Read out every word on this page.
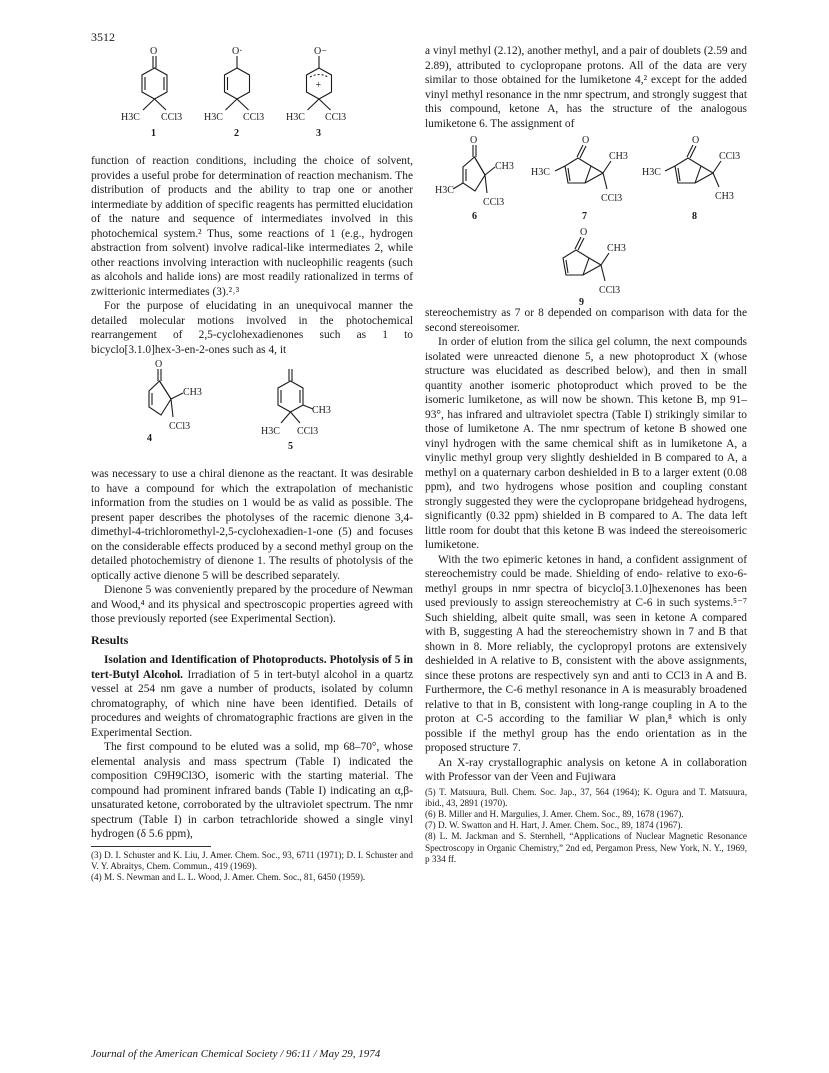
3512
O
H3C CCl3
1
O·
H3C CCl3
2
+
O−
H3C CCl3
3

function of reaction conditions, including the choice of solvent, provides a useful probe for determination of reaction mechanism. The distribution of products and the ability to trap one or another intermediate by addition of specific reagents has permitted elucidation of the nature and sequence of intermediates involved in this photochemical system.² Thus, some reactions of 1 (e.g., hydrogen abstraction from solvent) involve radical-like intermediates 2, while other reactions involving interaction with nucleophilic reagents (such as alcohols and halide ions) are most readily rationalized in terms of zwitterionic intermediates (3).²˒³

For the purpose of elucidating in an unequivocal manner the detailed molecular motions involved in the photochemical rearrangement of 2,5-cyclohexadienones such as 1 to bicyclo[3.1.0]hex-3-en-2-ones such as 4, it

O
CH3
CCl3
4
CH3
H3C CCl3
5

was necessary to use a chiral dienone as the reactant. It was desirable to have a compound for which the extrapolation of mechanistic information from the studies on 1 would be as valid as possible. The present paper describes the photolyses of the racemic dienone 3,4-dimethyl-4-trichloromethyl-2,5-cyclohexadien-1-one (5) and focuses on the considerable effects produced by a second methyl group on the detailed photochemistry of dienone 1. The results of photolysis of the optically active dienone 5 will be described separately.

Dienone 5 was conveniently prepared by the procedure of Newman and Wood,⁴ and its physical and spectroscopic properties agreed with those previously reported (see Experimental Section).

Results

Isolation and Identification of Photoproducts. Photolysis of 5 in tert-Butyl Alcohol. Irradiation of 5 in tert-butyl alcohol in a quartz vessel at 254 nm gave a number of products, isolated by column chromatography, of which nine have been identified. Details of procedures and weights of chromatographic fractions are given in the Experimental Section.

The first compound to be eluted was a solid, mp 68–70°, whose elemental analysis and mass spectrum (Table I) indicated the composition C9H9Cl3O, isomeric with the starting material. The compound had prominent infrared bands (Table I) indicating an α,β-unsaturated ketone, corroborated by the ultraviolet spectrum. The nmr spectrum (Table I) in carbon tetrachloride showed a single vinyl hydrogen (δ 5.6 ppm),

(3) D. I. Schuster and K. Liu, J. Amer. Chem. Soc., 93, 6711 (1971); D. I. Schuster and V. Y. Abraitys, Chem. Commun., 419 (1969).
(4) M. S. Newman and L. L. Wood, J. Amer. Chem. Soc., 81, 6450 (1959).

a vinyl methyl (2.12), another methyl, and a pair of doublets (2.59 and 2.89), attributed to cyclopropane protons. All of the data are very similar to those obtained for the lumiketone 4,² except for the added vinyl methyl resonance in the nmr spectrum, and strongly suggest that this compound, ketone A, has the structure of the analogous lumiketone 6. The assignment of

O
CH3
H3C
CCl3
6
O
CH3
H3C
CCl3
7
O
CCl3
H3C
CH3
8
O
CH3
CCl3
9

stereochemistry as 7 or 8 depended on comparison with data for the second stereoisomer.

In order of elution from the silica gel column, the next compounds isolated were unreacted dienone 5, a new photoproduct X (whose structure was elucidated as described below), and then in small quantity another isomeric photoproduct which proved to be the isomeric lumiketone, as will now be shown. This ketone B, mp 91–93°, has infrared and ultraviolet spectra (Table I) strikingly similar to those of lumiketone A. The nmr spectrum of ketone B showed one vinyl hydrogen with the same chemical shift as in lumiketone A, a vinylic methyl group very slightly deshielded in B compared to A, a methyl on a quaternary carbon deshielded in B to a larger extent (0.08 ppm), and two hydrogens whose position and coupling constant strongly suggested they were the cyclopropane bridgehead hydrogens, significantly (0.32 ppm) shielded in B compared to A. The data left little room for doubt that this ketone B was indeed the stereoisomeric lumiketone.

With the two epimeric ketones in hand, a confident assignment of stereochemistry could be made. Shielding of endo- relative to exo-6-methyl groups in nmr spectra of bicyclo[3.1.0]hexenones has been used previously to assign stereochemistry at C-6 in such systems.⁵⁻⁷ Such shielding, albeit quite small, was seen in ketone A compared with B, suggesting A had the stereochemistry shown in 7 and B that shown in 8. More reliably, the cyclopropyl protons are extensively deshielded in A relative to B, consistent with the above assignments, since these protons are respectively syn and anti to CCl3 in A and B. Furthermore, the C-6 methyl resonance in A is measurably broadened relative to that in B, consistent with long-range coupling in A to the proton at C-5 according to the familiar W plan,⁸ which is only possible if the methyl group has the endo orientation as in the proposed structure 7.

An X-ray crystallographic analysis on ketone A in collaboration with Professor van der Veen and Fujiwara

(5) T. Matsuura, Bull. Chem. Soc. Jap., 37, 564 (1964); K. Ogura and T. Matsuura, ibid., 43, 2891 (1970).
(6) B. Miller and H. Margulies, J. Amer. Chem. Soc., 89, 1678 (1967).
(7) D. W. Swatton and H. Hart, J. Amer. Chem. Soc., 89, 1874 (1967).
(8) L. M. Jackman and S. Sternhell, “Applications of Nuclear Magnetic Resonance Spectroscopy in Organic Chemistry,” 2nd ed, Pergamon Press, New York, N. Y., 1969, p 334 ff.
Journal of the American Chemical Society / 96:11 / May 29, 1974
